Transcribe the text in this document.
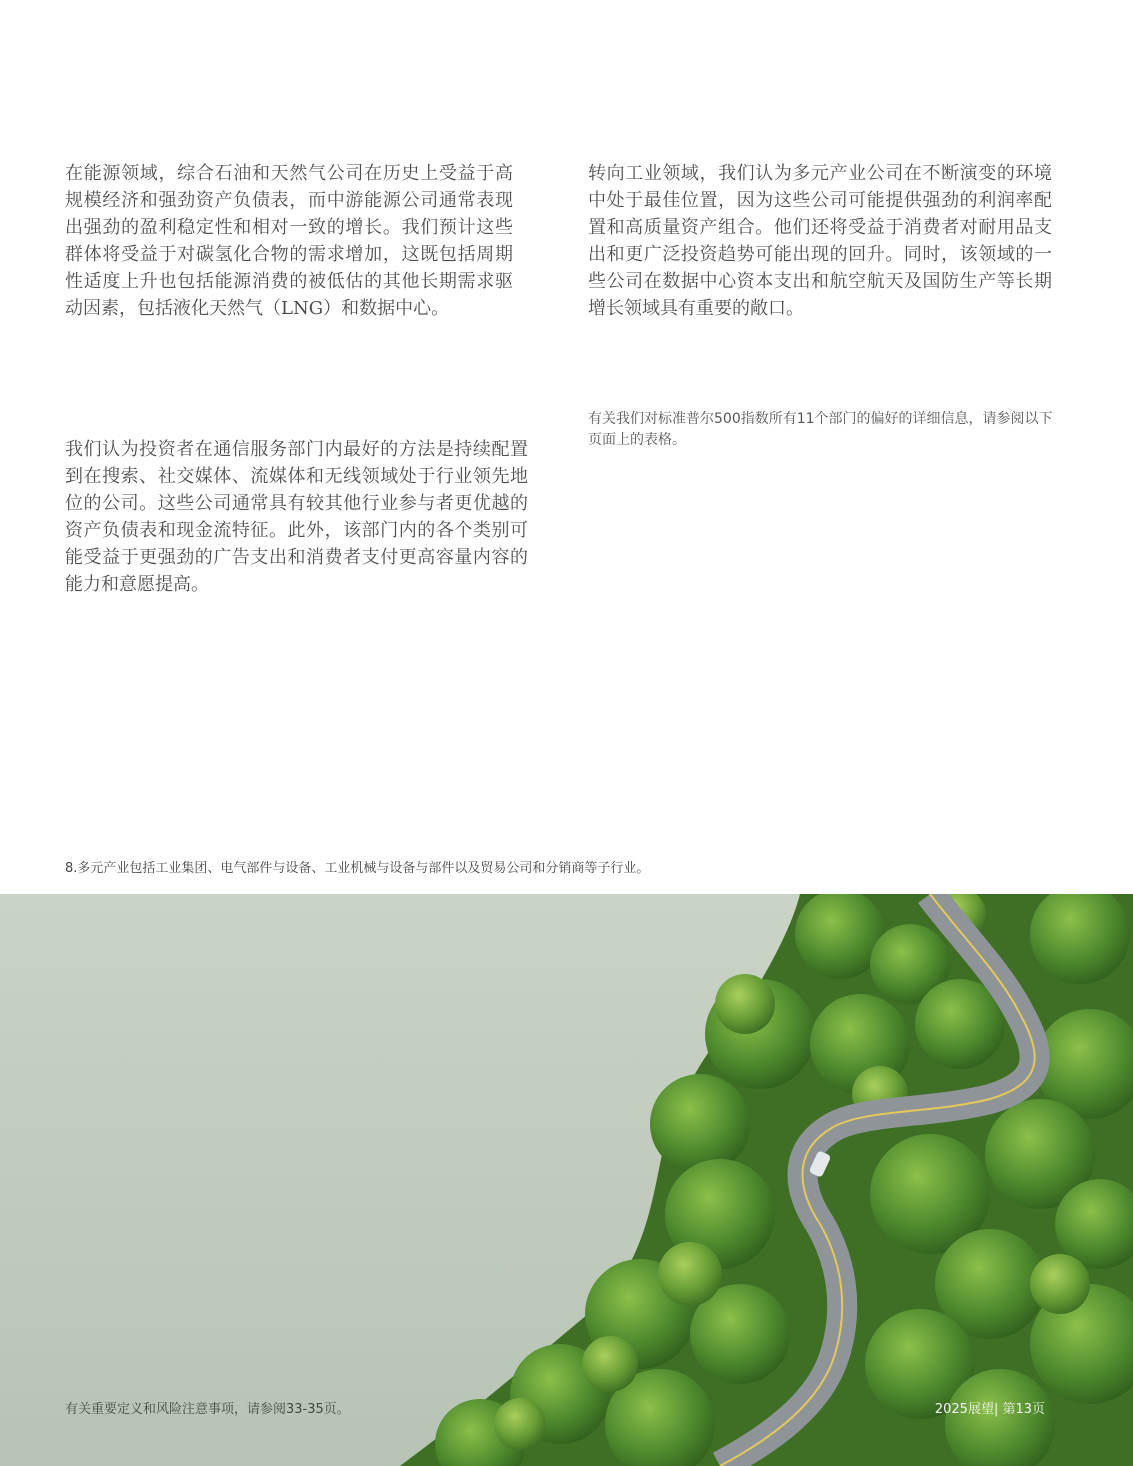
在能源领域，综合石油和天然气公司在历史上受益于高规模经济和强劲资产负债表，而中游能源公司通常表现出强劲的盈利稳定性和相对一致的增长。我们预计这些群体将受益于对碳氢化合物的需求增加，这既包括周期性适度上升也包括能源消费的被低估的其他长期需求驱动因素，包括液化天然气（LNG）和数据中心。

转向工业领域，我们认为多元产业公司在不断演变的环境中处于最佳位置，因为这些公司可能提供强劲的利润率配置和高质量资产组合。他们还将受益于消费者对耐用品支出和更广泛投资趋势可能出现的回升。同时，该领域的一些公司在数据中心资本支出和航空航天及国防生产等长期增长领域具有重要的敞口。

我们认为投资者在通信服务部门内最好的方法是持续配置到在搜索、社交媒体、流媒体和无线领域处于行业领先地位的公司。这些公司通常具有较其他行业参与者更优越的资产负债表和现金流特征。此外，该部门内的各个类别可能受益于更强劲的广告支出和消费者支付更高容量内容的能力和意愿提高。

有关我们对标准普尔500指数所有11个部门的偏好的详细信息，请参阅以下页面上的表格。

8.多元产业包括工业集团、电气部件与设备、工业机械与设备与部件以及贸易公司和分销商等子行业。

有关重要定义和风险注意事项，请参阅33-35页。	2025展望| 第13页
